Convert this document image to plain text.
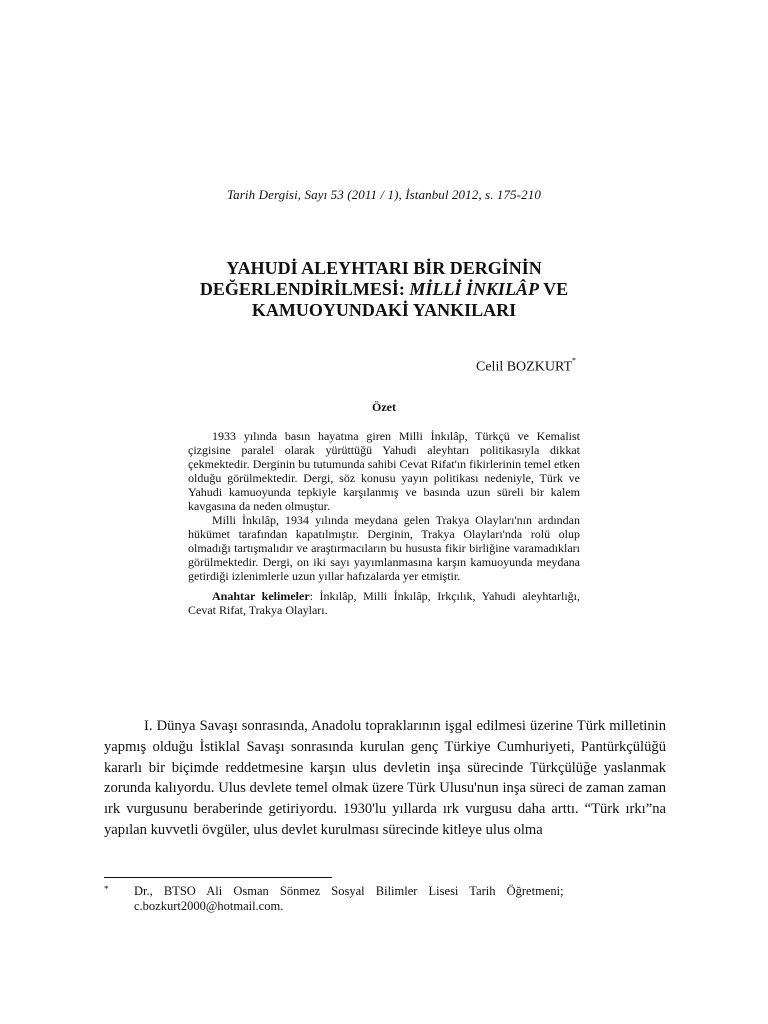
Tarih Dergisi, Sayı 53 (2011 / 1), İstanbul 2012, s. 175-210
YAHUDİ ALEYHTARI BİR DERGİNİN
DEĞERLENDİRİLMESİ: MİLLİ İNKILÂP VE
KAMUOYUNDAKİ YANKILARI
Celil BOZKURT*

Özet

1933 yılında basın hayatına giren Milli İnkılâp, Türkçü ve Kemalist çizgisine paralel olarak yürüttüğü Yahudi aleyhtarı politikasıyla dikkat çekmektedir. Derginin bu tutumunda sahibi Cevat Rifat'ın fikirlerinin temel etken olduğu görülmektedir. Dergi, söz konusu yayın politikası nedeniyle, Türk ve Yahudi kamuoyunda tepkiyle karşılanmış ve basında uzun süreli bir kalem kavgasına da neden olmuştur.

Milli İnkılâp, 1934 yılında meydana gelen Trakya Olayları'nın ardından hükümet tarafından kapatılmıştır. Derginin, Trakya Olayları'nda rolü olup olmadığı tartışmalıdır ve araştırmacıların bu hususta fikir birliğine varamadıkları görülmektedir. Dergi, on iki sayı yayımlanmasına karşın kamuoyunda meydana getirdiği izlenimlerle uzun yıllar hafızalarda yer etmiştir.

Anahtar kelimeler: İnkılâp, Milli İnkılâp, Irkçılık, Yahudi aleyhtarlığı, Cevat Rifat, Trakya Olayları.

I. Dünya Savaşı sonrasında, Anadolu topraklarının işgal edilmesi üzerine Türk milletinin yapmış olduğu İstiklal Savaşı sonrasında kurulan genç Türkiye Cumhuriyeti, Pantürkçülüğü kararlı bir biçimde reddetmesine karşın ulus devletin inşa sürecinde Türkçülüğe yaslanmak zorunda kalıyordu. Ulus devlete temel olmak üzere Türk Ulusu'nun inşa süreci de zaman zaman ırk vurgusunu beraberinde getiriyordu. 1930'lu yıllarda ırk vurgusu daha arttı. “Türk ırkı”na yapılan kuvvetli övgüler, ulus devlet kurulması sürecinde kitleye ulus olma

* Dr., BTSO Ali Osman Sönmez Sosyal Bilimler Lisesi Tarih Öğretmeni;
c.bozkurt2000@hotmail.com.
